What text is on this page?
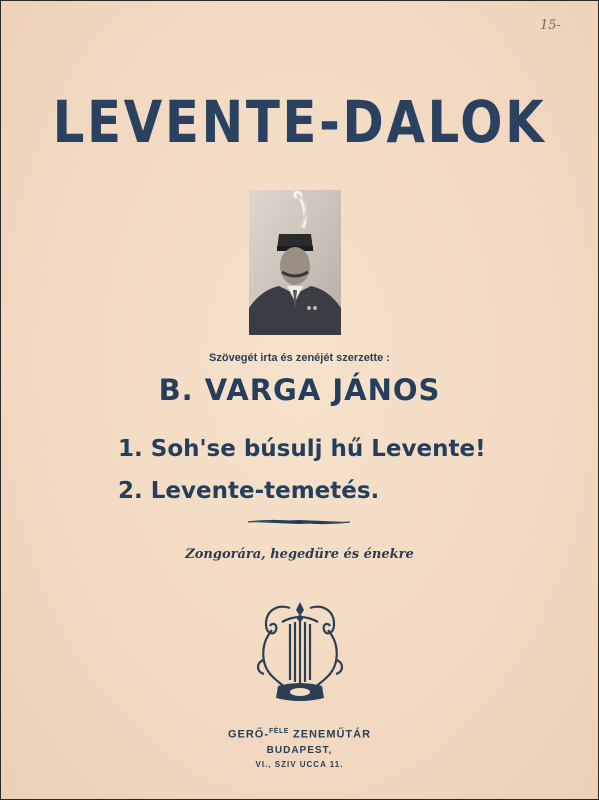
15-
LEVENTE-DALOK
Szövegét irta és zenéjét szerzette :
B. VARGA JÁNOS
1. Soh'se búsulj hű Levente!
2. Levente-temetés.
Zongorára, hegedüre és énekre
GERŐ-$^{FÉLE}$ ZENEMŰTÁR
BUDAPEST,
VI., SZIV UCCA 11.
